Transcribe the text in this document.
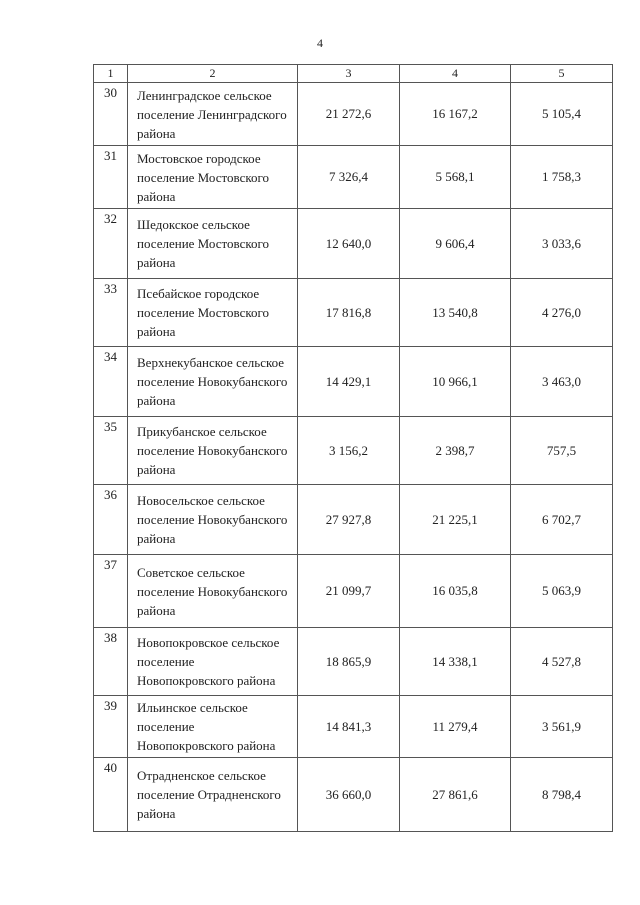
4
1	2	3	4	5
30	Ленинградское сельское поселение Ленинградского района	21 272,6	16 167,2	5 105,4
31	Мостовское городское поселение Мостовского района	7 326,4	5 568,1	1 758,3
32	Шедокское сельское поселение Мостовского района	12 640,0	9 606,4	3 033,6
33	Псебайское городское поселение Мостовского района	17 816,8	13 540,8	4 276,0
34	Верхнекубанское сельское поселение Новокубанского района	14 429,1	10 966,1	3 463,0
35	Прикубанское сельское поселение Новокубанского района	3 156,2	2 398,7	757,5
36	Новосельское сельское поселение Новокубанского района	27 927,8	21 225,1	6 702,7
37	Советское сельское поселение Новокубанского района	21 099,7	16 035,8	5 063,9
38	Новопокровское сельское поселение Новопокровского района	18 865,9	14 338,1	4 527,8
39	Ильинское сельское поселение Новопокровского района	14 841,3	11 279,4	3 561,9
40	Отрадненское сельское поселение Отрадненского района	36 660,0	27 861,6	8 798,4
